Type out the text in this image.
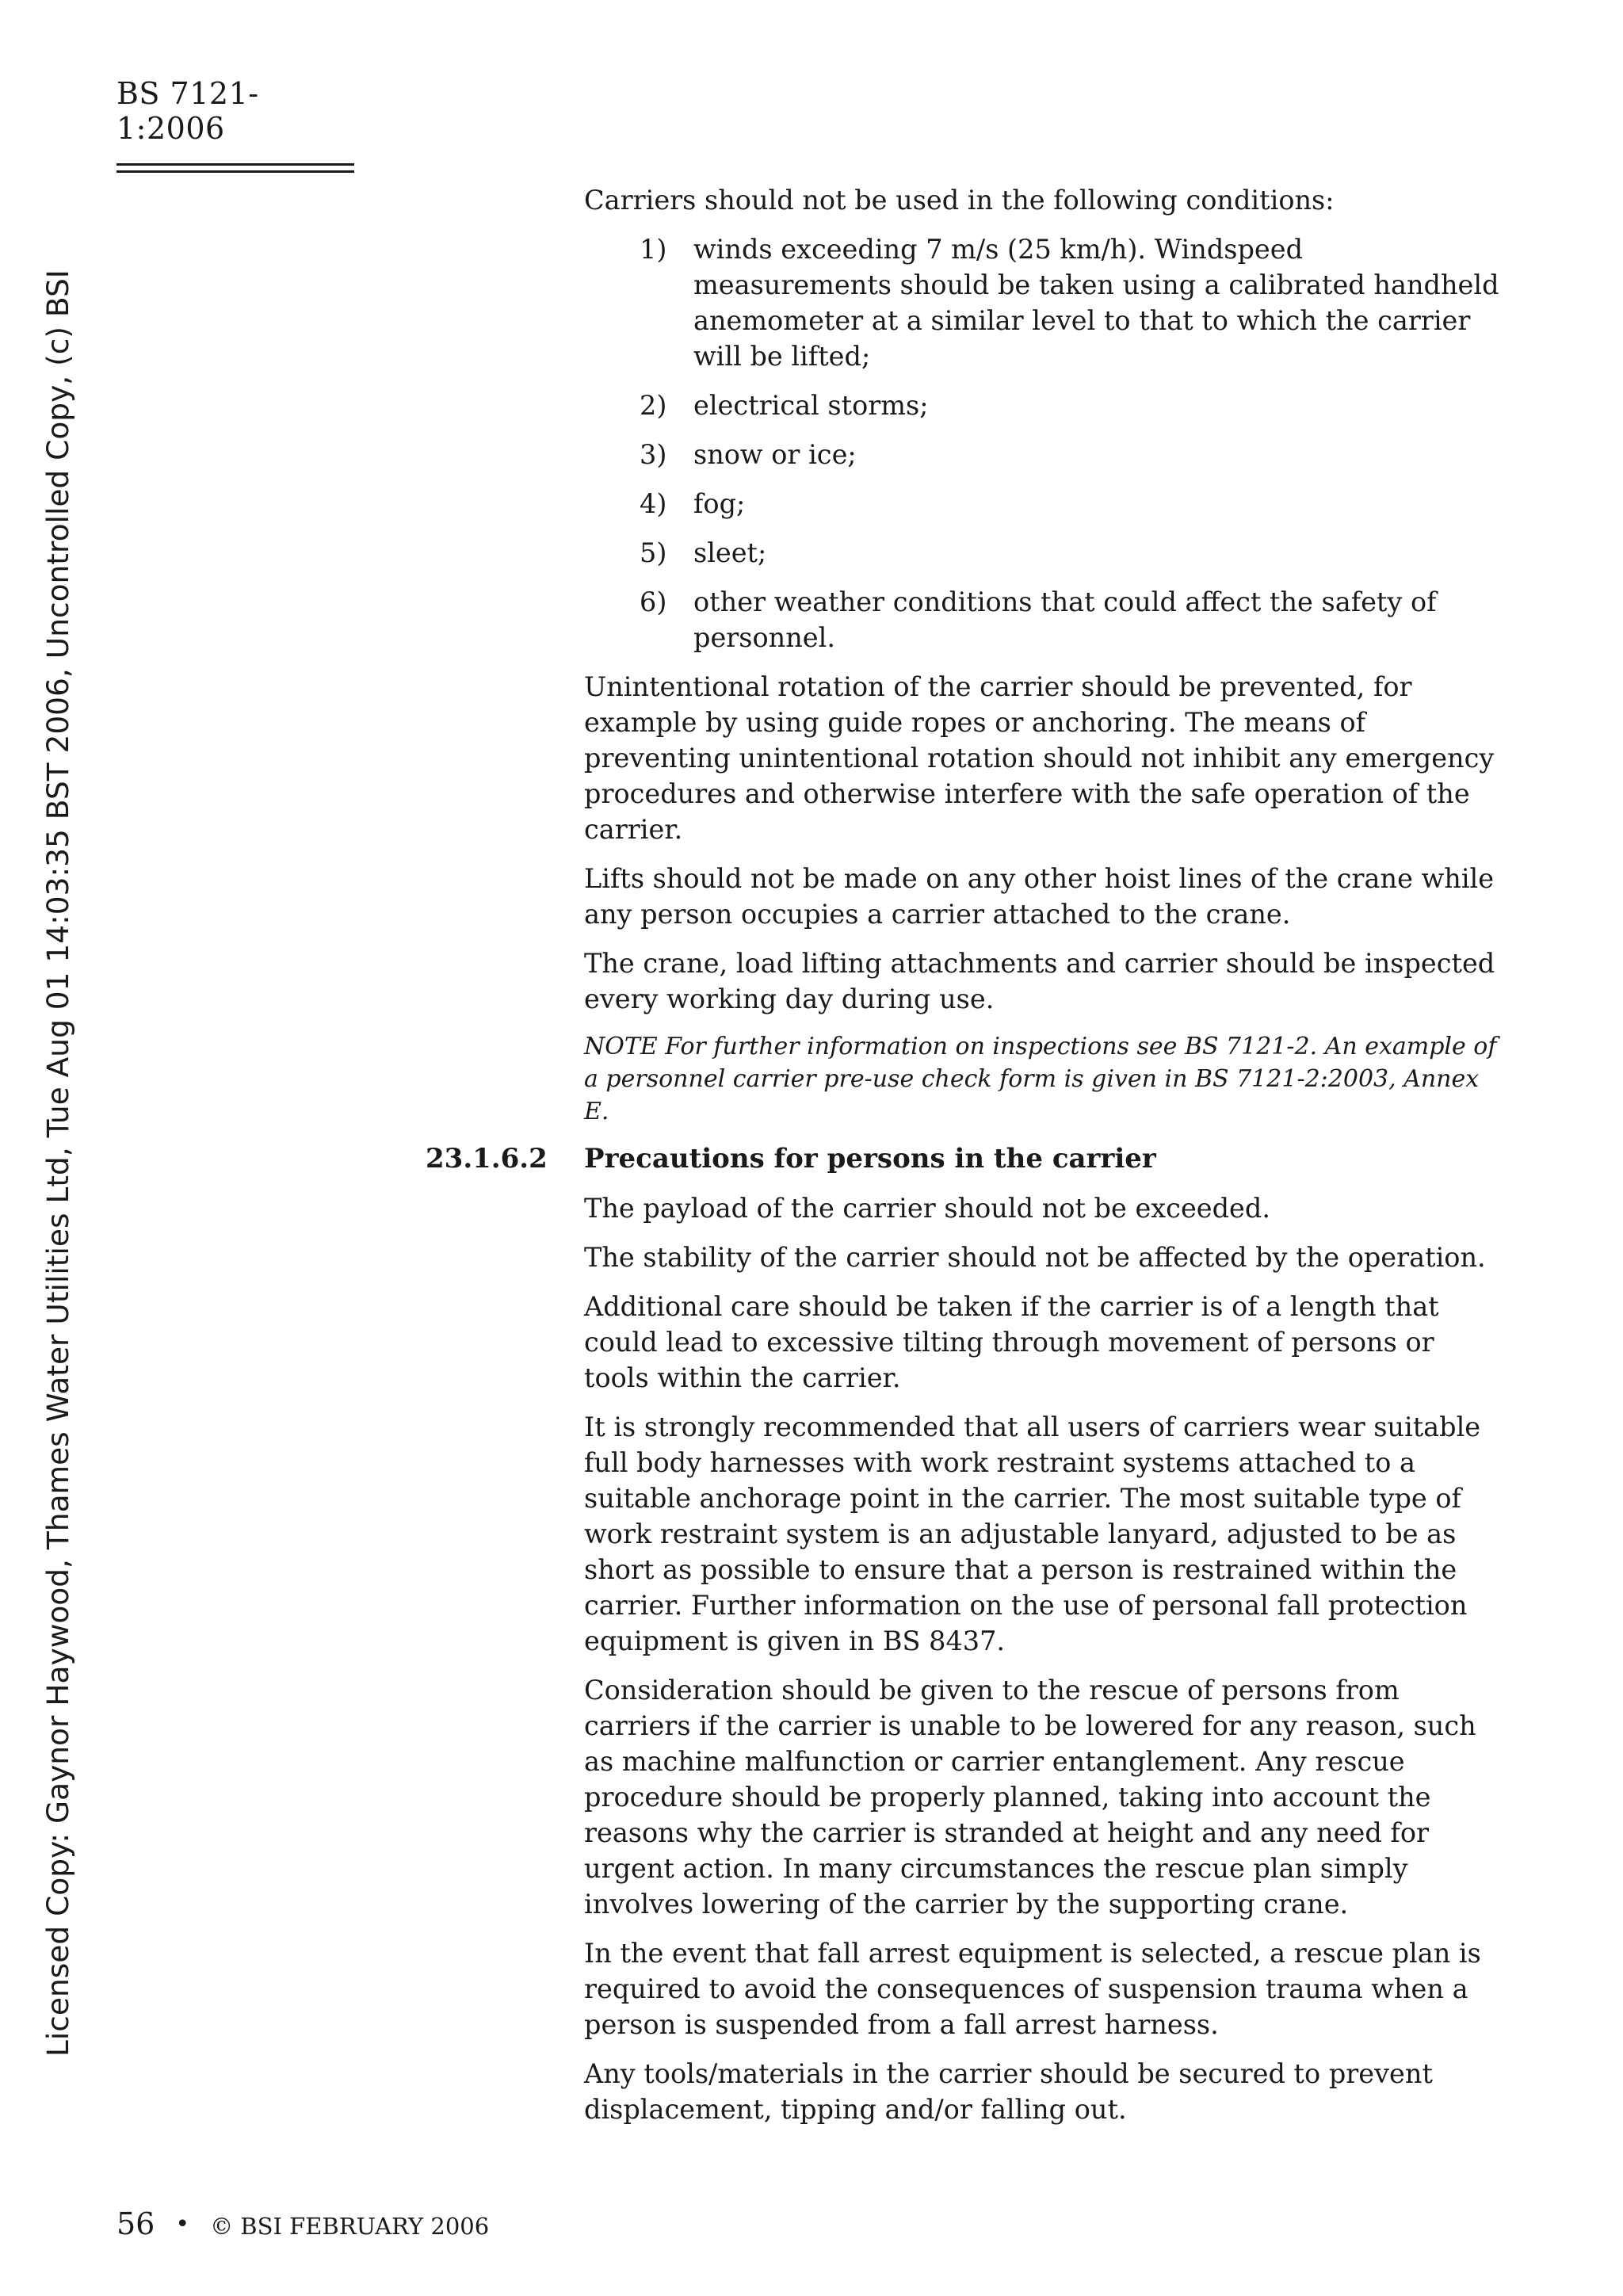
BS 7121-1:2006
Licensed Copy: Gaynor Haywood, Thames Water Utilities Ltd, Tue Aug 01 14:03:35 BST 2006, Uncontrolled Copy, (c) BSI

Carriers should not be used in the following conditions:

1) winds exceeding 7 m/s (25 km/h). Windspeed measurements should be taken using a calibrated handheld anemometer at a similar level to that to which the carrier will be lifted;
2) electrical storms;
3) snow or ice;
4) fog;
5) sleet;
6) other weather conditions that could affect the safety of personnel.

Unintentional rotation of the carrier should be prevented, for example by using guide ropes or anchoring. The means of preventing unintentional rotation should not inhibit any emergency procedures and otherwise interfere with the safe operation of the carrier.

Lifts should not be made on any other hoist lines of the crane while any person occupies a carrier attached to the crane.

The crane, load lifting attachments and carrier should be inspected every working day during use.

NOTE For further information on inspections see BS 7121-2. An example of a personnel carrier pre-use check form is given in BS 7121-2:2003, Annex E.

23.1.6.2 Precautions for persons in the carrier

The payload of the carrier should not be exceeded.

The stability of the carrier should not be affected by the operation.

Additional care should be taken if the carrier is of a length that could lead to excessive tilting through movement of persons or tools within the carrier.

It is strongly recommended that all users of carriers wear suitable full body harnesses with work restraint systems attached to a suitable anchorage point in the carrier. The most suitable type of work restraint system is an adjustable lanyard, adjusted to be as short as possible to ensure that a person is restrained within the carrier. Further information on the use of personal fall protection equipment is given in BS 8437.

Consideration should be given to the rescue of persons from carriers if the carrier is unable to be lowered for any reason, such as machine malfunction or carrier entanglement. Any rescue procedure should be properly planned, taking into account the reasons why the carrier is stranded at height and any need for urgent action. In many circumstances the rescue plan simply involves lowering of the carrier by the supporting crane.

In the event that fall arrest equipment is selected, a rescue plan is required to avoid the consequences of suspension trauma when a person is suspended from a fall arrest harness.

Any tools/materials in the carrier should be secured to prevent displacement, tipping and/or falling out.

56 • © BSI FEBRUARY 2006
